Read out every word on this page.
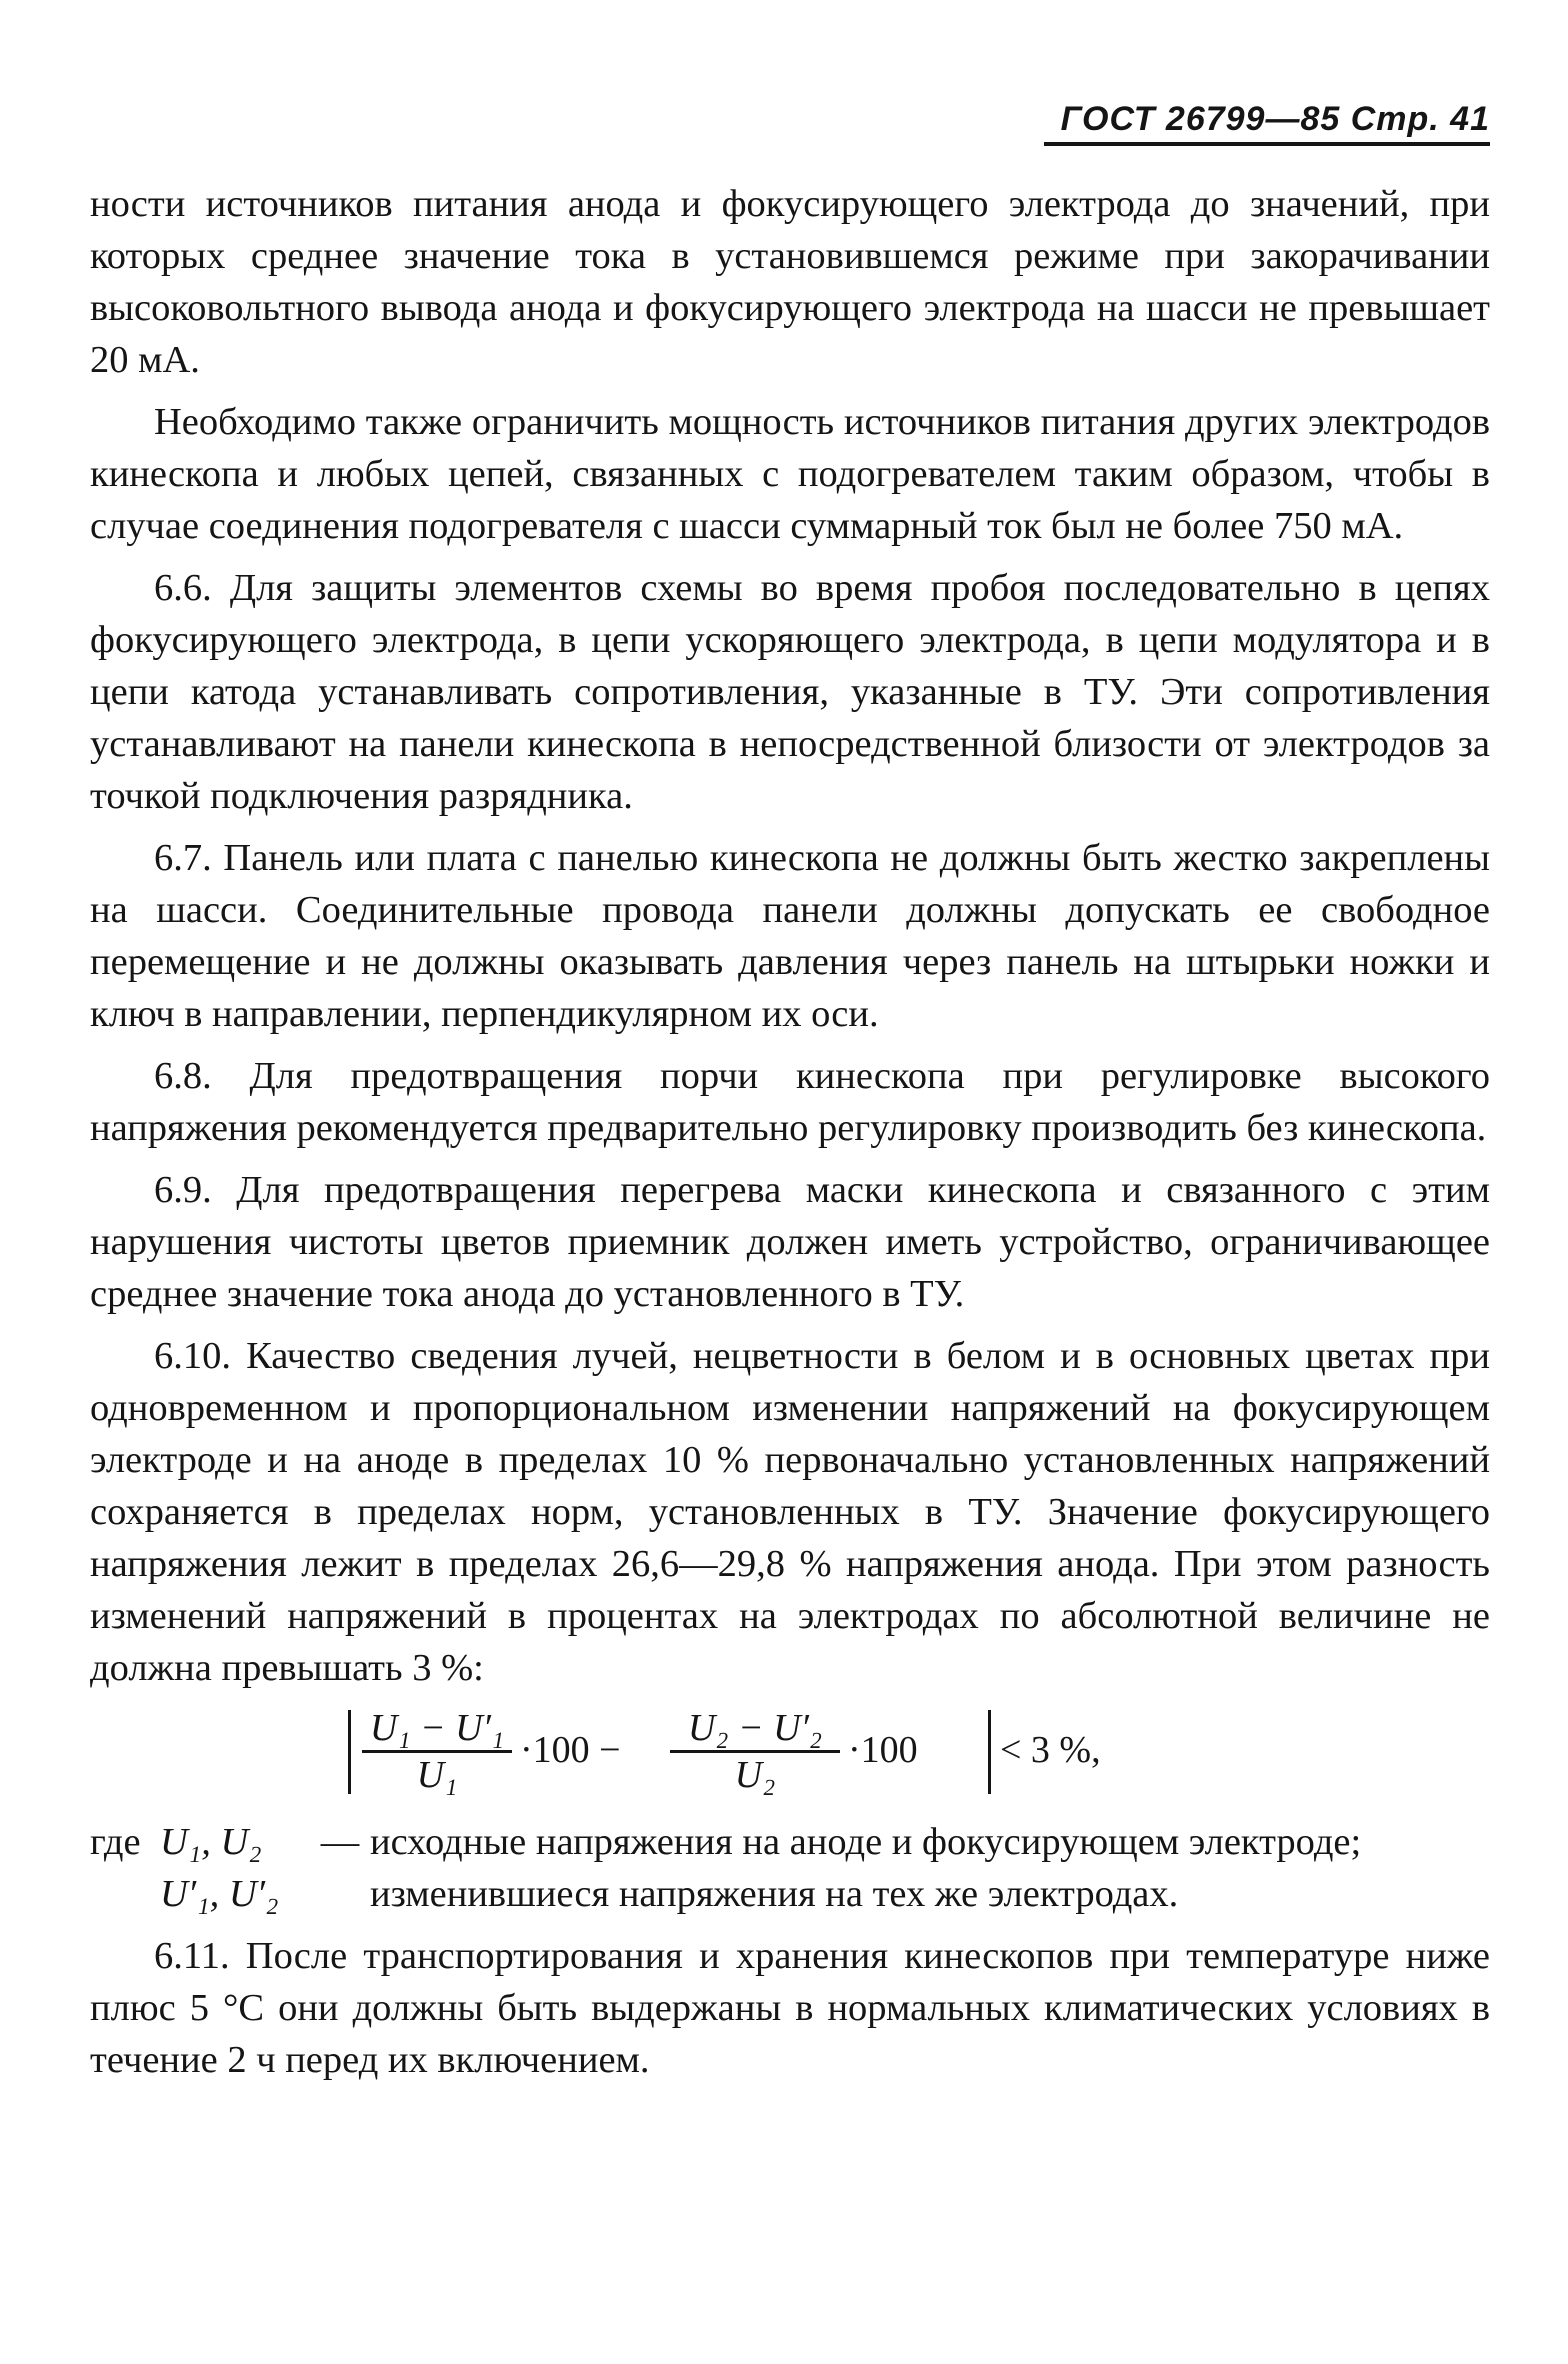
ГОСТ 26799—85 Стр. 41

ности источников питания анода и фокусирующего электрода до значений, при которых среднее значение тока в установившемся режиме при закорачивании высоковольтного вывода анода и фокусирующего электрода на шасси не превышает 20 мА.

Необходимо также ограничить мощность источников питания других электродов кинескопа и любых цепей, связанных с подогревателем таким образом, чтобы в случае соединения подогревателя с шасси суммарный ток был не более 750 мА.

6.6. Для защиты элементов схемы во время пробоя последовательно в цепях фокусирующего электрода, в цепи ускоряющего электрода, в цепи модулятора и в цепи катода устанавливать сопротивления, указанные в ТУ. Эти сопротивления устанавливают на панели кинескопа в непосредственной близости от электродов за точкой подключения разрядника.

6.7. Панель или плата с панелью кинескопа не должны быть жестко закреплены на шасси. Соединительные провода панели должны допускать ее свободное перемещение и не должны оказывать давления через панель на штырьки ножки и ключ в направлении, перпендикулярном их оси.

6.8. Для предотвращения порчи кинескопа при регулировке высокого напряжения рекомендуется предварительно регулировку производить без кинескопа.

6.9. Для предотвращения перегрева маски кинескопа и связанного с этим нарушения чистоты цветов приемник должен иметь устройство, ограничивающее среднее значение тока анода до установленного в ТУ.

6.10. Качество сведения лучей, нецветности в белом и в основных цветах при одновременном и пропорциональном изменении напряжений на фокусирующем электроде и на аноде в пределах 10 % первоначально установленных напряжений сохраняется в пределах норм, установленных в ТУ. Значение фокусирующего напряжения лежит в пределах 26,6—29,8 % напряжения анода. При этом разность изменений напряжений в процентах на электродах по абсолютной величине не должна превышать 3 %:

$\frac{\text{U₁ − U′₁}}{\text{U₁}} \cdot 100 - \frac{\text{U₂ − U′₂}}{\text{U₂}} \cdot 100 < 3$ %,
где U₁, U₂	— исходные напряжения на аноде и фокусирующем электроде;
U′₁, U′₂	изменившиеся напряжения на тех же электродах.

6.11. После транспортирования и хранения кинескопов при температуре ниже плюс 5 °С они должны быть выдержаны в нормальных климатических условиях в течение 2 ч перед их включением.
